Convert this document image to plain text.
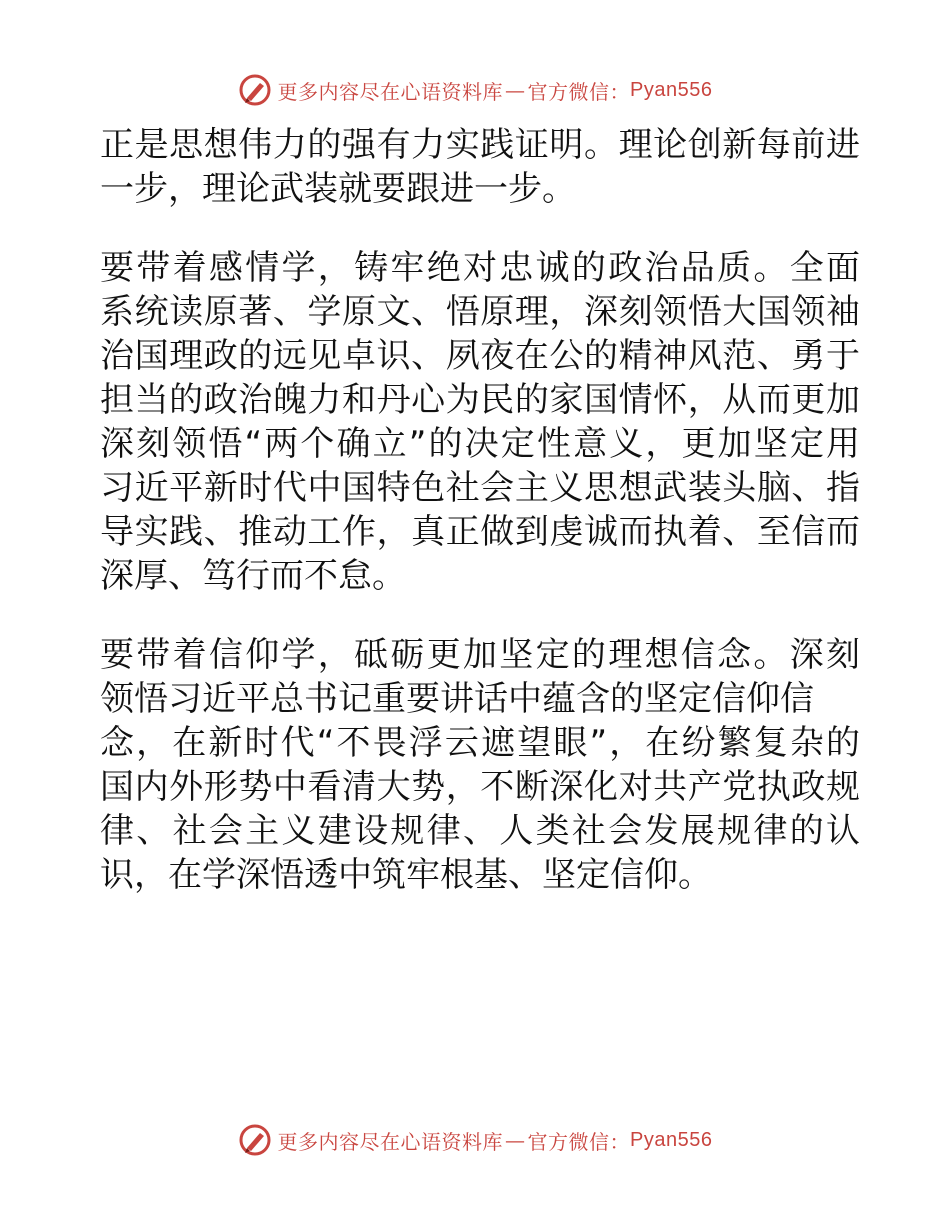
更多内容尽在心语资料库 — 官方微信： Pyan556
正是思想伟力的强有力实践证明。理论创新每前进
一步，理论武装就要跟进一步。
要带着感情学，铸牢绝对忠诚的政治品质。全面
系统读原著、学原文、悟原理，深刻领悟大国领袖
治国理政的远见卓识、夙夜在公的精神风范、勇于
担当的政治魄力和丹心为民的家国情怀，从而更加
深刻领悟“两个确立”的决定性意义，更加坚定用
习近平新时代中国特色社会主义思想武装头脑、指
导实践、推动工作，真正做到虔诚而执着、至信而
深厚、笃行而不怠。
要带着信仰学，砥砺更加坚定的理想信念。深刻
领悟习近平总书记重要讲话中蕴含的坚定信仰信
念，在新时代“不畏浮云遮望眼”，在纷繁复杂的
国内外形势中看清大势，不断深化对共产党执政规
律、社会主义建设规律、人类社会发展规律的认
识，在学深悟透中筑牢根基、坚定信仰。
更多内容尽在心语资料库 — 官方微信： Pyan556
